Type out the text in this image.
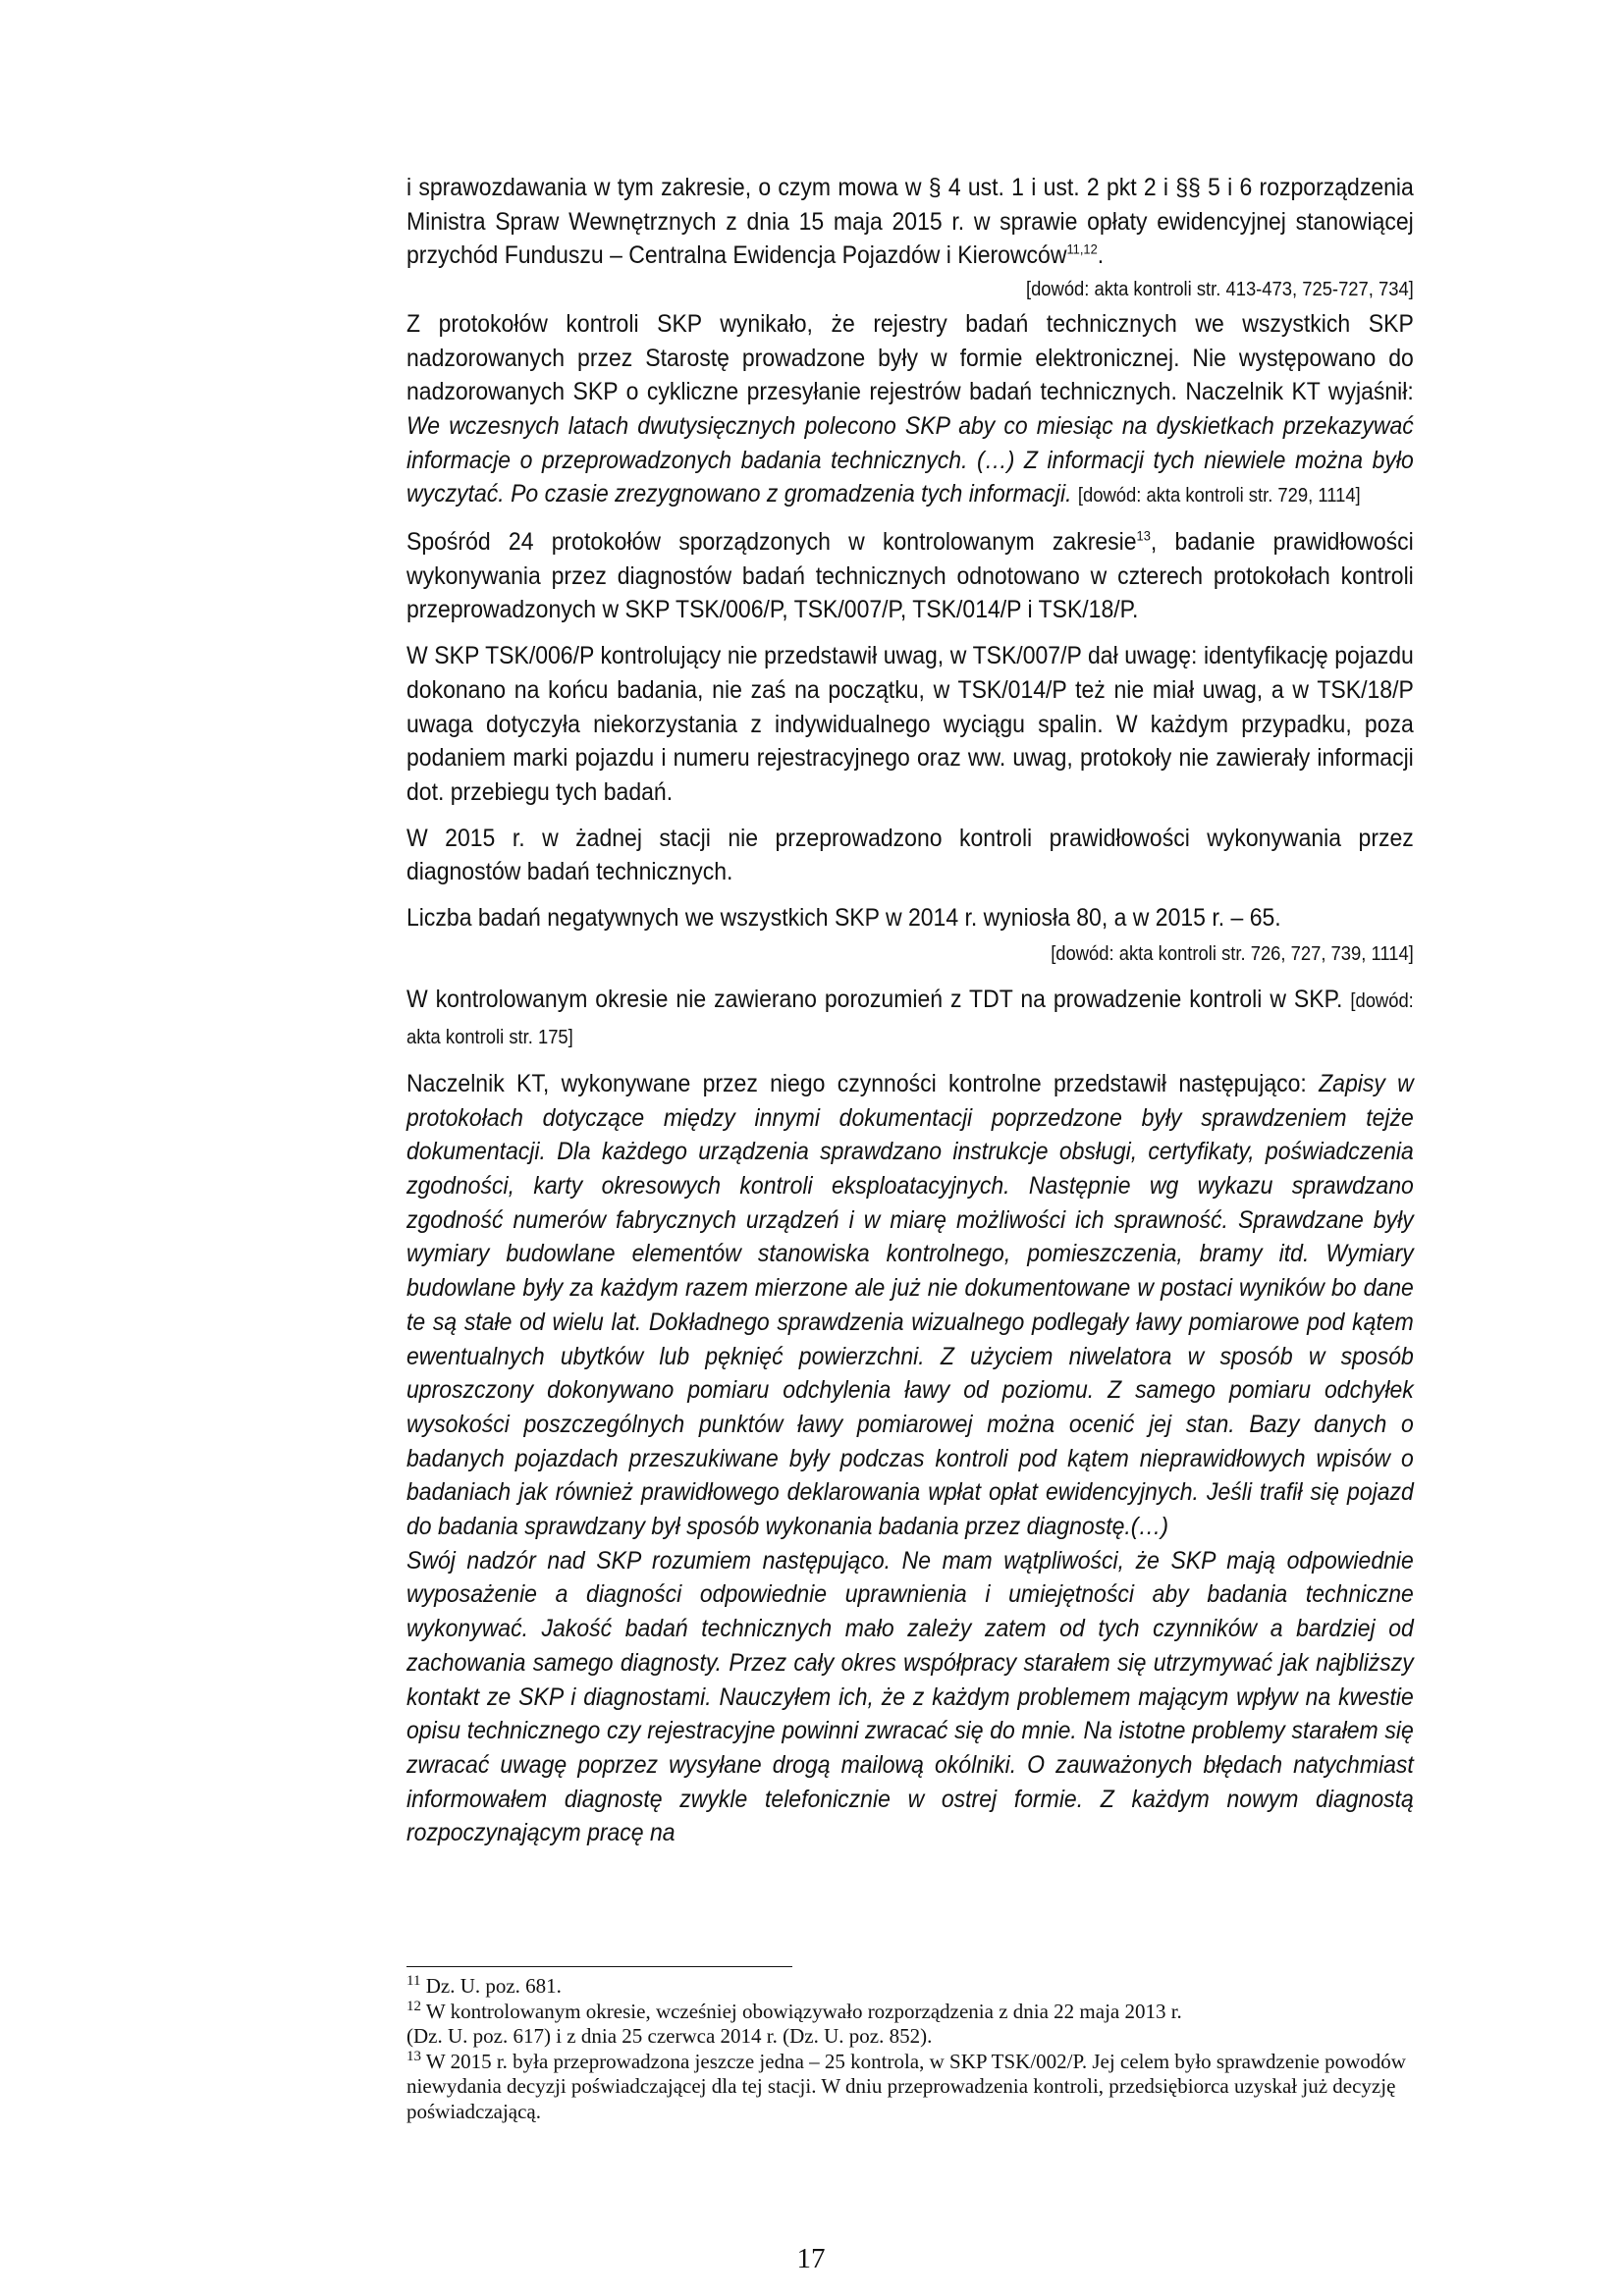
i sprawozdawania w tym zakresie, o czym mowa w § 4 ust. 1 i ust. 2 pkt 2 i §§ 5 i 6 rozporządzenia Ministra Spraw Wewnętrznych z dnia 15 maja 2015 r. w sprawie opłaty ewidencyjnej stanowiącej przychód Funduszu – Centralna Ewidencja Pojazdów i Kierowców$^{11,12}$.
[dowód: akta kontroli str. 413-473, 725-727, 734]

Z protokołów kontroli SKP wynikało, że rejestry badań technicznych we wszystkich SKP nadzorowanych przez Starostę prowadzone były w formie elektronicznej. Nie występowano do nadzorowanych SKP o cykliczne przesyłanie rejestrów badań technicznych. Naczelnik KT wyjaśnił: We wczesnych latach dwutysięcznych polecono SKP aby co miesiąc na dyskietkach przekazywać informacje o przeprowadzonych badania technicznych. (…) Z informacji tych niewiele można było wyczytać. Po czasie zrezygnowano z gromadzenia tych informacji. [dowód: akta kontroli str. 729, 1114]

Spośród 24 protokołów sporządzonych w kontrolowanym zakresie$^{13}$, badanie prawidłowości wykonywania przez diagnostów badań technicznych odnotowano w czterech protokołach kontroli przeprowadzonych w SKP TSK/006/P, TSK/007/P, TSK/014/P i TSK/18/P.

W SKP TSK/006/P kontrolujący nie przedstawił uwag, w TSK/007/P dał uwagę: identyfikację pojazdu dokonano na końcu badania, nie zaś na początku, w TSK/014/P też nie miał uwag, a w TSK/18/P uwaga dotyczyła niekorzystania z indywidualnego wyciągu spalin. W każdym przypadku, poza podaniem marki pojazdu i numeru rejestracyjnego oraz ww. uwag, protokoły nie zawierały informacji dot. przebiegu tych badań.

W 2015 r. w żadnej stacji nie przeprowadzono kontroli prawidłowości wykonywania przez diagnostów badań technicznych.

Liczba badań negatywnych we wszystkich SKP w 2014 r. wyniosła 80, a w 2015 r. – 65.

[dowód: akta kontroli str. 726, 727, 739, 1114]

W kontrolowanym okresie nie zawierano porozumień z TDT na prowadzenie kontroli w SKP. [dowód: akta kontroli str. 175]

Naczelnik KT, wykonywane przez niego czynności kontrolne przedstawił następująco: Zapisy w protokołach dotyczące między innymi dokumentacji poprzedzone były sprawdzeniem tejże dokumentacji. Dla każdego urządzenia sprawdzano instrukcje obsługi, certyfikaty, poświadczenia zgodności, karty okresowych kontroli eksploatacyjnych. Następnie wg wykazu sprawdzano zgodność numerów fabrycznych urządzeń i w miarę możliwości ich sprawność. Sprawdzane były wymiary budowlane elementów stanowiska kontrolnego, pomieszczenia, bramy itd. Wymiary budowlane były za każdym razem mierzone ale już nie dokumentowane w postaci wyników bo dane te są stałe od wielu lat. Dokładnego sprawdzenia wizualnego podlegały ławy pomiarowe pod kątem ewentualnych ubytków lub pęknięć powierzchni. Z użyciem niwelatora w sposób w sposób uproszczony dokonywano pomiaru odchylenia ławy od poziomu. Z samego pomiaru odchyłek wysokości poszczególnych punktów ławy pomiarowej można ocenić jej stan. Bazy danych o badanych pojazdach przeszukiwane były podczas kontroli pod kątem nieprawidłowych wpisów o badaniach jak również prawidłowego deklarowania wpłat opłat ewidencyjnych. Jeśli trafił się pojazd do badania sprawdzany był sposób wykonania badania przez diagnostę.(…)

Swój nadzór nad SKP rozumiem następująco. Ne mam wątpliwości, że SKP mają odpowiednie wyposażenie a diagności odpowiednie uprawnienia i umiejętności aby badania techniczne wykonywać. Jakość badań technicznych mało zależy zatem od tych czynników a bardziej od zachowania samego diagnosty. Przez cały okres współpracy starałem się utrzymywać jak najbliższy kontakt ze SKP i diagnostami. Nauczyłem ich, że z każdym problemem mającym wpływ na kwestie opisu technicznego czy rejestracyjne powinni zwracać się do mnie. Na istotne problemy starałem się zwracać uwagę poprzez wysyłane drogą mailową okólniki. O zauważonych błędach natychmiast informowałem diagnostę zwykle telefonicznie w ostrej formie. Z każdym nowym diagnostą rozpoczynającym pracę na

$^{11}$ Dz. U. poz. 681.

$^{12}$ W kontrolowanym okresie, wcześniej obowiązywało rozporządzenia z dnia 22 maja 2013 r.

(Dz. U. poz. 617) i z dnia 25 czerwca 2014 r. (Dz. U. poz. 852).

$^{13}$ W 2015 r. była przeprowadzona jeszcze jedna – 25 kontrola, w SKP TSK/002/P. Jej celem było sprawdzenie powodów niewydania decyzji poświadczającej dla tej stacji. W dniu przeprowadzenia kontroli, przedsiębiorca uzyskał już decyzję poświadczającą.

17
